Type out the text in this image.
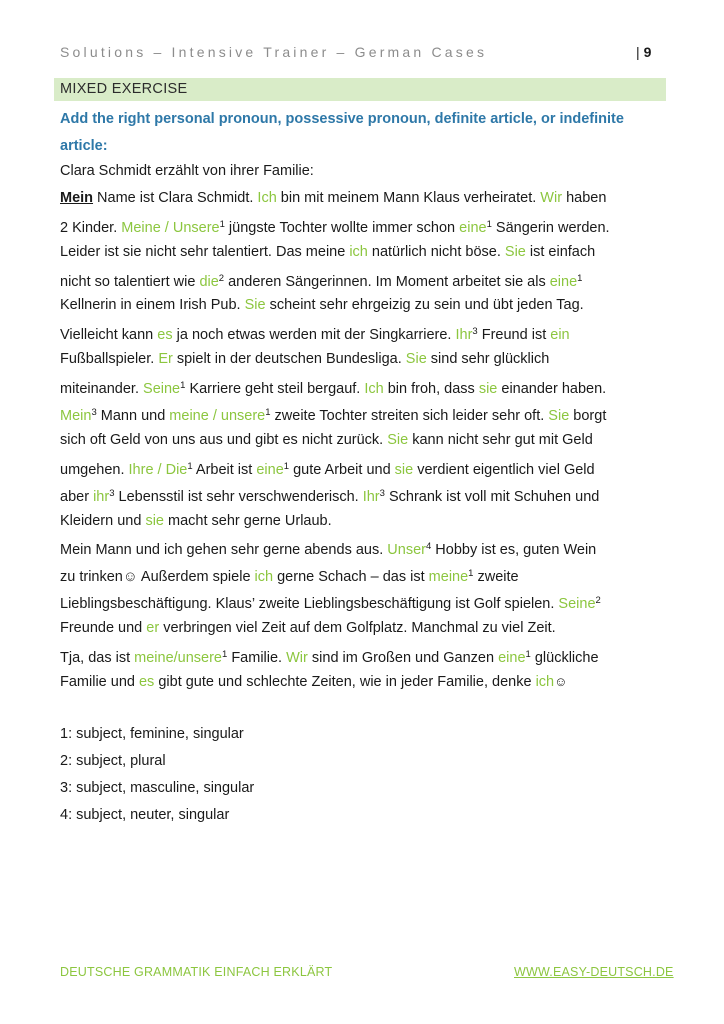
Solutions – Intensive Trainer – German Cases	| 9
MIXED EXERCISE
Add the right personal pronoun, possessive pronoun, definite article, or indefinite
article:
Clara Schmidt erzählt von ihrer Familie:
Mein Name ist Clara Schmidt. Ich bin mit meinem Mann Klaus verheiratet. Wir haben
2 Kinder. Meine / Unsere$^1$ jüngste Tochter wollte immer schon eine$^1$ Sängerin werden.
Leider ist sie nicht sehr talentiert. Das meine ich natürlich nicht böse. Sie ist einfach
nicht so talentiert wie die$^2$ anderen Sängerinnen. Im Moment arbeitet sie als eine$^1$
Kellnerin in einem Irish Pub. Sie scheint sehr ehrgeizig zu sein und übt jeden Tag.
Vielleicht kann es ja noch etwas werden mit der Singkarriere. Ihr$^3$ Freund ist ein
Fußballspieler. Er spielt in der deutschen Bundesliga. Sie sind sehr glücklich
miteinander. Seine$^1$ Karriere geht steil bergauf. Ich bin froh, dass sie einander haben.
Mein$^3$ Mann und meine / unsere$^1$ zweite Tochter streiten sich leider sehr oft. Sie borgt
sich oft Geld von uns aus und gibt es nicht zurück. Sie kann nicht sehr gut mit Geld
umgehen. Ihre / Die$^1$ Arbeit ist eine$^1$ gute Arbeit und sie verdient eigentlich viel Geld
aber ihr$^3$ Lebensstil ist sehr verschwenderisch. Ihr$^3$ Schrank ist voll mit Schuhen und
Kleidern und sie macht sehr gerne Urlaub.
Mein Mann und ich gehen sehr gerne abends aus. Unser$^4$ Hobby ist es, guten Wein
zu trinken☺ Außerdem spiele ich gerne Schach – das ist meine$^1$ zweite
Lieblingsbeschäftigung. Klaus’ zweite Lieblingsbeschäftigung ist Golf spielen. Seine$^2$
Freunde und er verbringen viel Zeit auf dem Golfplatz. Manchmal zu viel Zeit.
Tja, das ist meine/unsere$^1$ Familie. Wir sind im Großen und Ganzen eine$^1$ glückliche
Familie und es gibt gute und schlechte Zeiten, wie in jeder Familie, denke ich☺
1: subject, feminine, singular
2: subject, plural
3: subject, masculine, singular
4: subject, neuter, singular
DEUTSCHE GRAMMATIK EINFACH ERKLÄRT	WWW.EASY-DEUTSCH.DE
